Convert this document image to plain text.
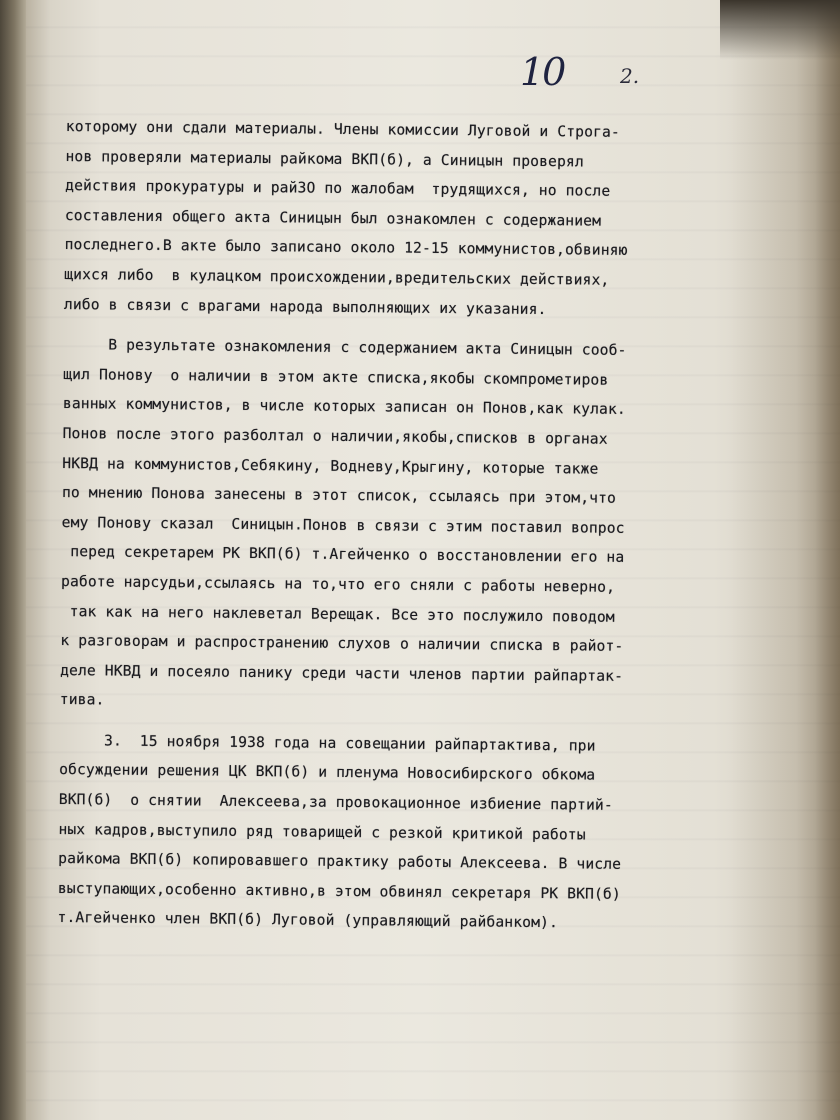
10	2.
которому они сдали материалы. Члены комиссии Луговой и Строга-
нов проверяли материалы райкома ВКП(б), а Синицын проверял
действия прокуратуры и райЗО по жалобам  трудящихся, но после
составления общего акта Синицын был ознакомлен с содержанием
последнего.В акте было записано около 12-15 коммунистов,обвиняю
щихся либо  в кулацком происхождении,вредительских действиях,
либо в связи с врагами народа выполняющих их указания.
В результате ознакомления с содержанием акта Синицын сооб-
щил Понову  о наличии в этом акте списка,якобы скомпрометиров
ванных коммунистов, в числе которых записан он Понов,как кулак.
Понов после этого разболтал о наличии,якобы,списков в органах
НКВД на коммунистов,Себякину, Водневу,Крыгину, которые также
по мнению Понова занесены в этот список, ссылаясь при этом,что
ему Понову сказал  Синицын.Понов в связи с этим поставил вопрос
перед секретарем РК ВКП(б) т.Агейченко о восстановлении его на
работе нарсудьи,ссылаясь на то,что его сняли с работы неверно,
так как на него наклеветал Верещак. Все это послужило поводом
к разговорам и распространению слухов о наличии списка в райот-
деле НКВД и посеяло панику среди части членов партии райпартак-
тива.
3.  15 ноября 1938 года на совещании райпартактива, при
обсуждении решения ЦК ВКП(б) и пленума Новосибирского обкома
ВКП(б)  о снятии  Алексеева,за провокационное избиение партий-
ных кадров,выступило ряд товарищей с резкой критикой работы
райкома ВКП(б) копировавшего практику работы Алексеева. В числе
выступающих,особенно активно,в этом обвинял секретаря РК ВКП(б)
т.Агейченко член ВКП(б) Луговой (управляющий райбанком).
